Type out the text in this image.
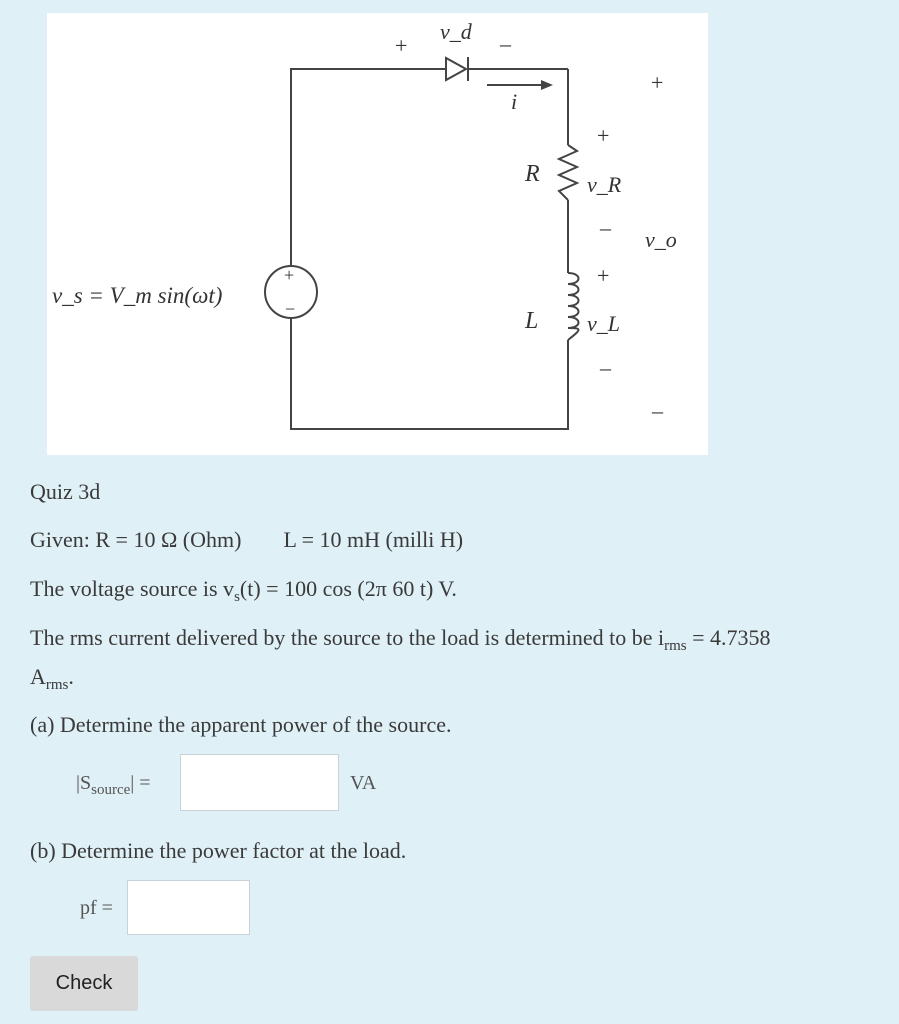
+
−
v_s = V_m sin(ωt)
+
v_d –
i
R
+
v_R
–
+
L v_L
–
+
v_o
–
Quiz 3d
Given: R = 10 Ω (Ohm) L = 10 mH (milli H)
The voltage source is $v_s(t) = 100$ cos (2π 60 t) V.
The rms current delivered by the source to the load is determined to be $i_{rms} = 4.7358$
$A_{rms}$.
(a) Determine the apparent power of the source.
$|S_{source}|$ =	VA
(b) Determine the power factor at the load.
pf =
Check
